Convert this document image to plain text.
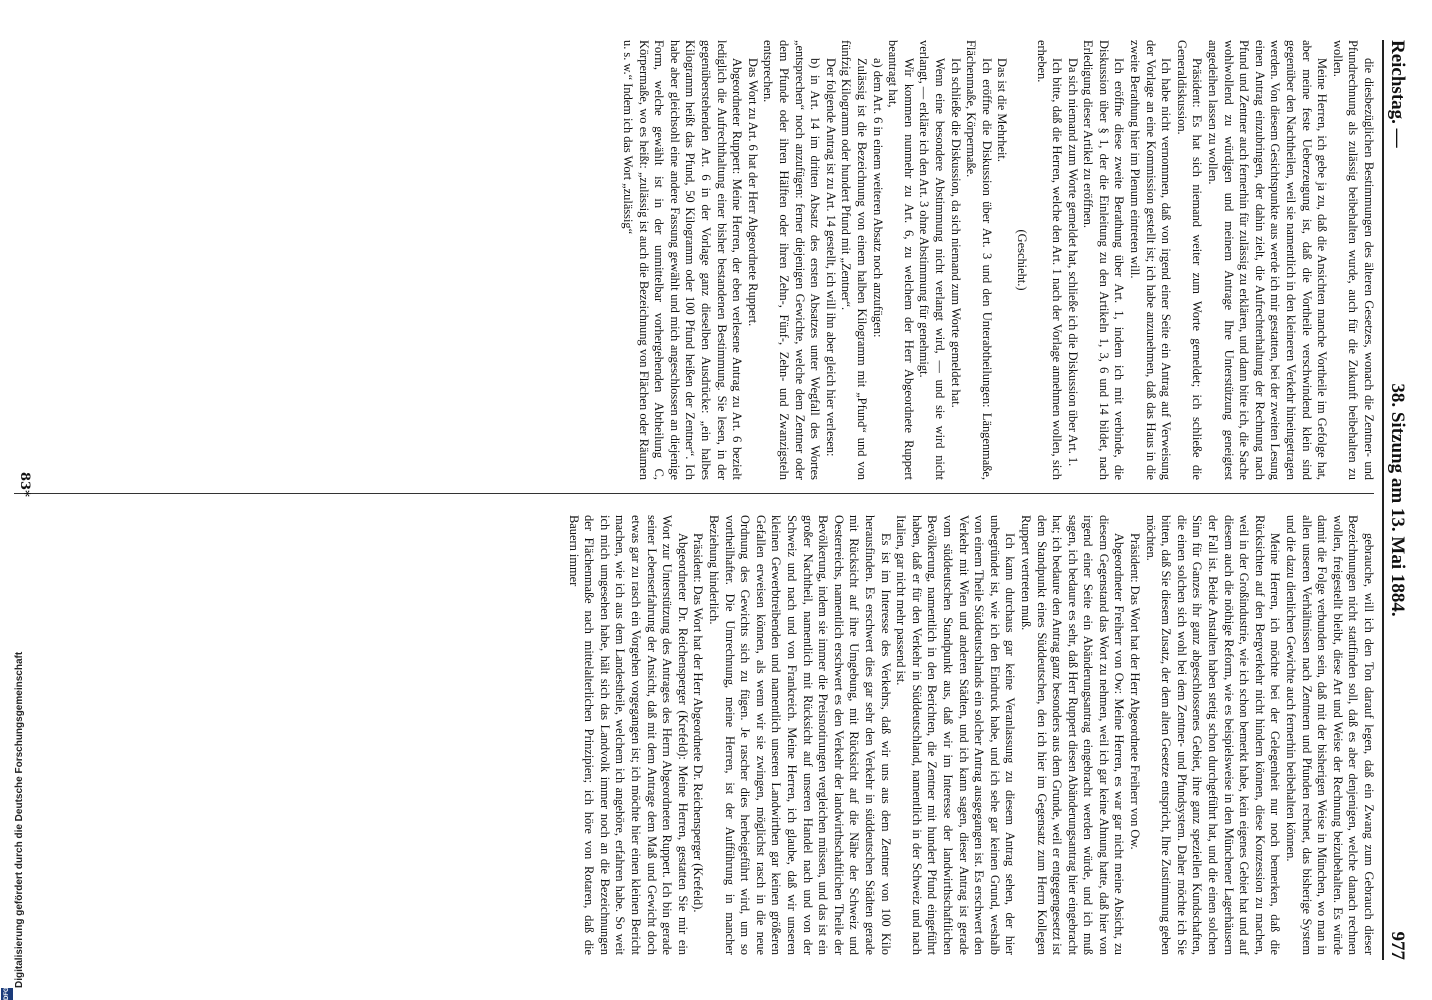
Reichstag. —
38. Sitzung am 13. Mai 1884.
977

die diesbezüglichen Bestimmungen des älteren Gesetzes, wonach die Zentner- und Pfundrechnung als zulässig beibehalten wurde, auch für die Zukunft beibehalten zu wollen.

Meine Herren, ich gebe ja zu, daß die Ansichten manche Vortheile im Gefolge hat, aber meine feste Ueberzeugung ist, daß die Vortheile verschwindend klein sind gegenüber den Nachtheilen, weil sie namentlich in den kleineren Verkehr hineingetragen werden. Von diesem Gesichtspunkte aus werde ich mir gestatten, bei der zweiten Lesung einen Antrag einzubringen, der dahin zielt, die Aufrechterhaltung der Rechnung nach Pfund und Zentner auch fernerhin für zulässig zu erklären, und dann bitte ich, die Sache wohlwollend zu würdigen und meinem Antrage Ihre Unterstützung geneigtest angedeihen lassen zu wollen.

Präsident: Es hat sich niemand weiter zum Worte gemeldet; ich schließe die Generaldiskussion.

Ich habe nicht vernommen, daß von irgend einer Seite ein Antrag auf Verweisung der Vorlage an eine Kommission gestellt ist; ich habe anzunehmen, daß das Haus in die zweite Berathung hier im Plenum eintreten will.

Ich eröffne diese zweite Berathung über Art. 1, indem ich mit verbinde, die Diskussion über § 1, der die Einleitung zu den Artikeln 1, 3, 6 und 14 bildet, nach Erledigung dieser Artikel zu eröffnen.

Da sich niemand zum Worte gemeldet hat, schließe ich die Diskussion über Art. 1.

Ich bitte, daß die Herren, welche den Art. 1 nach der Vorlage annehmen wollen, sich erheben.

(Geschieht.)

Das ist die Mehrheit.

Ich eröffne die Diskussion über Art. 3 und den Unterabtheilungen: Längenmaße, Flächenmaße, Körpermaße.

Ich schließe die Diskussion, da sich niemand zum Worte gemeldet hat.

Wenn eine besondere Abstimmung nicht verlangt wird, — und sie wird nicht verlangt, — erkläre ich den Art. 3 ohne Abstimmung für genehmigt.

Wir kommen nunmehr zu Art. 6, zu welchem der Herr Abgeordnete Ruppert beantragt hat,

a) dem Art. 6 in einem weiteren Absatz noch anzufügen:

Zulässig ist die Bezeichnung von einem halben Kilogramm mit „Pfund“ und von fünfzig Kilogramm oder hundert Pfund mit „Zentner“.

Der folgende Antrag ist zu Art. 14 gestellt, ich will ihn aber gleich hier verlesen:

b) in Art. 14 im dritten Absatz des ersten Absatzes unter Wegfall des Wortes „entsprechen“ noch anzufügen: ferner diejenigen Gewichte, welche dem Zentner oder dem Pfunde oder ihren Hälften oder ihren Zehn-, Fünf-, Zehn- und Zwanzigsteln entsprechen.

Das Wort zu Art. 6 hat der Herr Abgeordnete Ruppert.

Abgeordneter Ruppert: Meine Herren, der eben verlesene Antrag zu Art. 6 bezielt lediglich die Aufrechthaltung einer bisher bestandenen Bestimmung. Sie lesen, in der gegenüberstehenden Art. 6 in der Vorlage ganz dieselben Ausdrücke: „ein halbes Kilogramm heißt das Pfund, 50 Kilogramm oder 100 Pfund heißen der Zentner“. Ich habe aber gleichsohl eine andere Fassung gewählt und mich angeschlossen an diejenige Form, welche gewählt ist in der unmittelbar vorhergehenden Abtheilung C, Körpermaße, wo es heißt: „zulässig ist auch die Bezeichnung von Flächen oder Räumen u. s. w.“ Indem ich das Wort „zulässig“

gebrauche, will ich den Ton darauf legen, daß ein Zwang zum Gebrauch dieser Bezeichnungen nicht stattfinden soll, daß es aber denjenigen, welche danach rechnen wollen, freigestellt bleibt, diese Art und Weise der Rechnung beizubehalten. Es würde damit die Folge verbunden sein, daß mit der bisherigen Weise in München, wo man in allen unseren Verhältnissen nach Zentnern und Pfunden rechnet, das bisherige System und die dazu dienlichen Gewichte auch fernerhin beibehalten können.

Meine Herren, ich möchte bei der Gelegenheit nur noch bemerken, daß die Rücksichten auf den Bergverkehr nicht hindern können, diese Konzession zu machen, weil in der Großindustrie, wie ich schon bemerkt habe, kein eigenes Gebiet hat und auf diesem auch die nöthige Reform, wie es beispielsweise in den Münchener Lagerhäusern der Fall ist. Beide Anstalten haben stetig schon durchgeführt hat, und die einen solchen Sinn für Ganzes ihr ganz abgeschlossenes Gebiet, ihre ganz speziellen Kundschaften, die einen solchen sich wohl bei dem Zentner- und Pfundsystem. Daher möchte ich Sie bitten, daß Sie diesem Zusatz, der dem alten Gesetze entspricht, Ihre Zustimmung geben möchten.

Präsident: Das Wort hat der Herr Abgeordnete Freiherr von Ow.

Abgeordneter Freiherr von Ow: Meine Herren, es war gar nicht meine Absicht, zu diesem Gegenstand das Wort zu nehmen, weil ich gar keine Ahnung hatte, daß hier von irgend einer Seite ein Abänderungsantrag eingebracht werden würde, und ich muß sagen, ich bedaure es sehr, daß Herr Ruppert diesen Abänderungsantrag hier eingebracht hat; ich bedaure den Antrag ganz besonders aus dem Grunde, weil er entgegengesetzt ist dem Standpunkt eines Süddeutschen, den ich hier im Gegensatz zum Herrn Kollegen Ruppert vertreten muß.

Ich kann durchaus gar keine Veranlassung zu diesem Antrag sehen, der hier unbegründet ist, wie ich den Eindruck habe, und ich sehe gar keinen Grund, weshalb von einem Theile Süddeutschlands ein solcher Antrag ausgegangen ist. Es erschwert den Verkehr mit Wien und anderen Städten, und ich kann sagen, dieser Antrag ist gerade vom süddeutschen Standpunkt aus, daß wir im Interesse der landwirthschaftlichen Bevölkerung, namentlich in den Berichten, die Zentner mit hundert Pfund eingeführt haben, daß er für den Verkehr in Süddeutschland, namentlich in der Schweiz und nach Italien, gar nicht mehr passend ist.

Es ist im Interesse des Verkehrs, daß wir uns aus dem Zentner von 100 Kilo herausfinden. Es erschwert dies gar sehr den Verkehr in süddeutschen Städten gerade mit Rücksicht auf ihre Umgebung, mit Rücksicht auf die Nähe der Schweiz und Oesterreichs, namentlich erschwert es den Verkehr der landwirthschaftlichen Theile der Bevölkerung, indem sie immer die Preisnotirungen vergleichen müssen, und das ist ein großer Nachtheil, namentlich mit Rücksicht auf unseren Handel nach und von der Schweiz und nach und von Frankreich. Meine Herren, ich glaube, daß wir unseren kleinen Gewerbtreibenden und namentlich unseren Landwirthen gar keinen größeren Gefallen erweisen können, als wenn wir sie zwingen, möglichst rasch in die neue Ordnung des Gewichts sich zu fügen. Je rascher dies herbeigeführt wird, um so vortheilhafter. Die Umrechnung, meine Herren, ist der Aufführung in mancher Beziehung hinderlich.

Präsident: Das Wort hat der Herr Abgeordnete Dr. Reichensperger (Krefeld).

Abgeordneter Dr. Reichensperger (Krefeld): Meine Herren, gestatten Sie mir ein Wort zur Unterstützung des Antrages des Herrn Abgeordneten Ruppert. Ich bin gerade seiner Lebenserfahrung der Ansicht, daß mit dem Antrage dem Maß und Gewicht doch etwas gar zu rasch ein Vorgehen vorgegangen ist; ich möchte hier einen kleinen Bericht machen, wie ich aus dem Landestheile, welchem ich angehöre, erfahren habe. So weit ich mich umgesehen habe, hält sich das Landvolk immer noch an die Bezeichnungen der Flächenmaße nach mittelalterlichen Prinzipien; ich höre von Rotaren, daß die Bauern immer

83*
Digitalisierung gefördert durch die Deutsche Forschungsgemeinschaft
DFG
